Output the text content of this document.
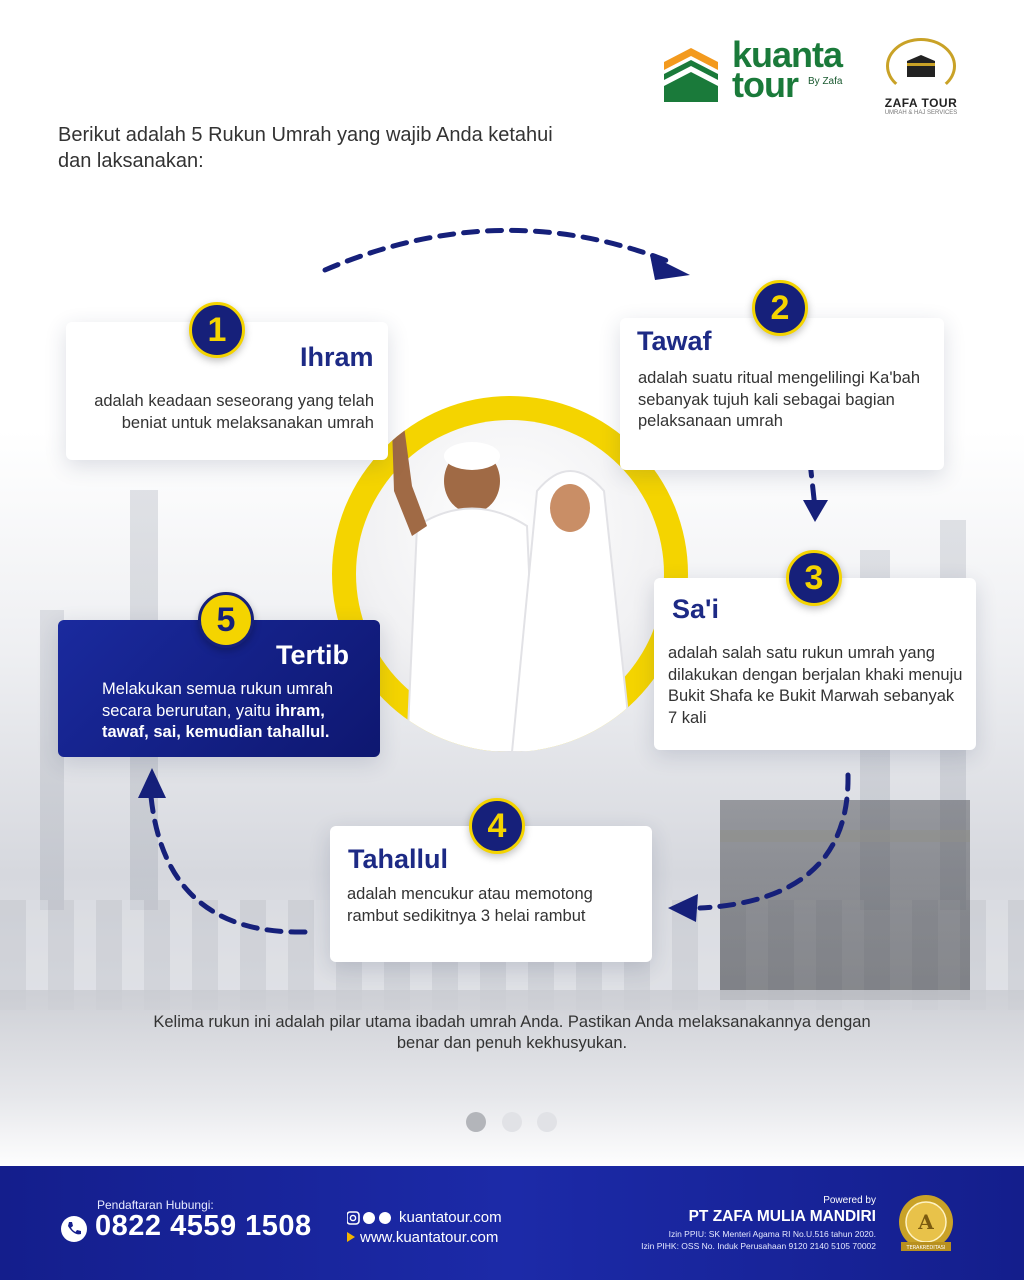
kuanta
tour	By Zafa
ZAFA TOUR
UMRAH & HAJ SERVICES
Berikut adalah 5 Rukun Umrah yang wajib Anda ketahui dan laksanakan:
1
Ihram
adalah keadaan seseorang yang telah beniat untuk melaksanakan umrah
2
Tawaf
adalah suatu ritual mengelilingi Ka'bah sebanyak tujuh kali sebagai bagian pelaksanaan umrah
3
Sa'i
adalah salah satu rukun umrah yang dilakukan dengan berjalan khaki menuju Bukit Shafa ke Bukit Marwah sebanyak 7 kali
4
Tahallul
adalah mencukur atau memotong rambut sedikitnya 3 helai rambut
Tertib
Melakukan semua rukun umrah secara berurutan, yaitu ihram, tawaf, sai, kemudian tahallul.
5
Kelima rukun ini adalah pilar utama ibadah umrah Anda. Pastikan Anda melaksanakannya dengan benar dan penuh kekhusyukan.
Pendaftaran Hubungi:
0822 4559 1508	kuantatour.com
www.kuantatour.com
Powered by
PT ZAFA MULIA MANDIRI
Izin PPIU: SK Menteri Agama RI No.U.516 tahun 2020.
Izin PIHK: OSS No. Induk Perusahaan 9120 2140 5105 70002
A
TERAKREDITASI
